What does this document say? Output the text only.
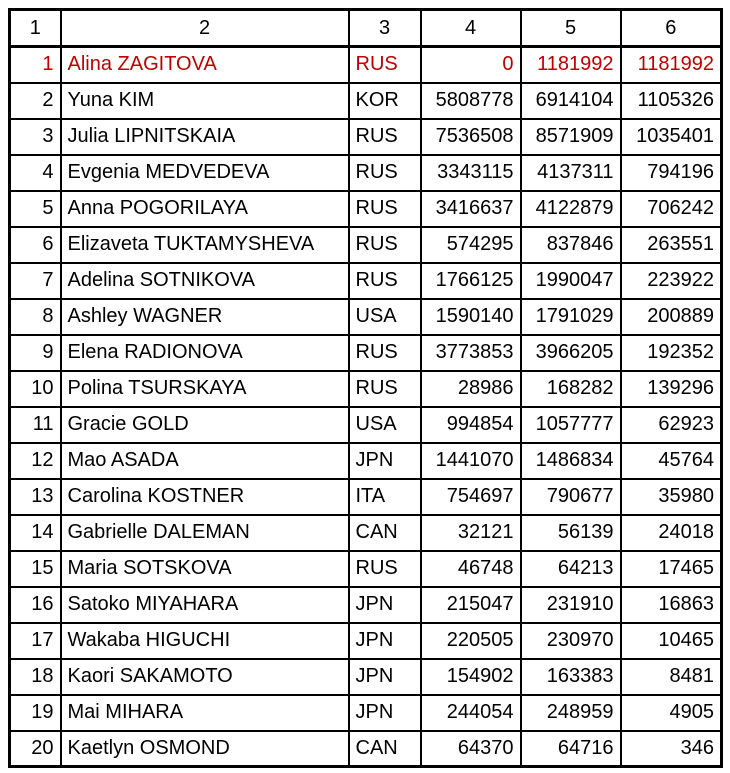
1	2	3	4	5	6
1	Alina ZAGITOVA	RUS	0	1181992	1181992
2	Yuna KIM	KOR	5808778	6914104	1105326
3	Julia LIPNITSKAIA	RUS	7536508	8571909	1035401
4	Evgenia MEDVEDEVA	RUS	3343115	4137311	794196
5	Anna POGORILAYA	RUS	3416637	4122879	706242
6	Elizaveta TUKTAMYSHEVA	RUS	574295	837846	263551
7	Adelina SOTNIKOVA	RUS	1766125	1990047	223922
8	Ashley WAGNER	USA	1590140	1791029	200889
9	Elena RADIONOVA	RUS	3773853	3966205	192352
10	Polina TSURSKAYA	RUS	28986	168282	139296
11	Gracie GOLD	USA	994854	1057777	62923
12	Mao ASADA	JPN	1441070	1486834	45764
13	Carolina KOSTNER	ITA	754697	790677	35980
14	Gabrielle DALEMAN	CAN	32121	56139	24018
15	Maria SOTSKOVA	RUS	46748	64213	17465
16	Satoko MIYAHARA	JPN	215047	231910	16863
17	Wakaba HIGUCHI	JPN	220505	230970	10465
18	Kaori SAKAMOTO	JPN	154902	163383	8481
19	Mai MIHARA	JPN	244054	248959	4905
20	Kaetlyn OSMOND	CAN	64370	64716	346
